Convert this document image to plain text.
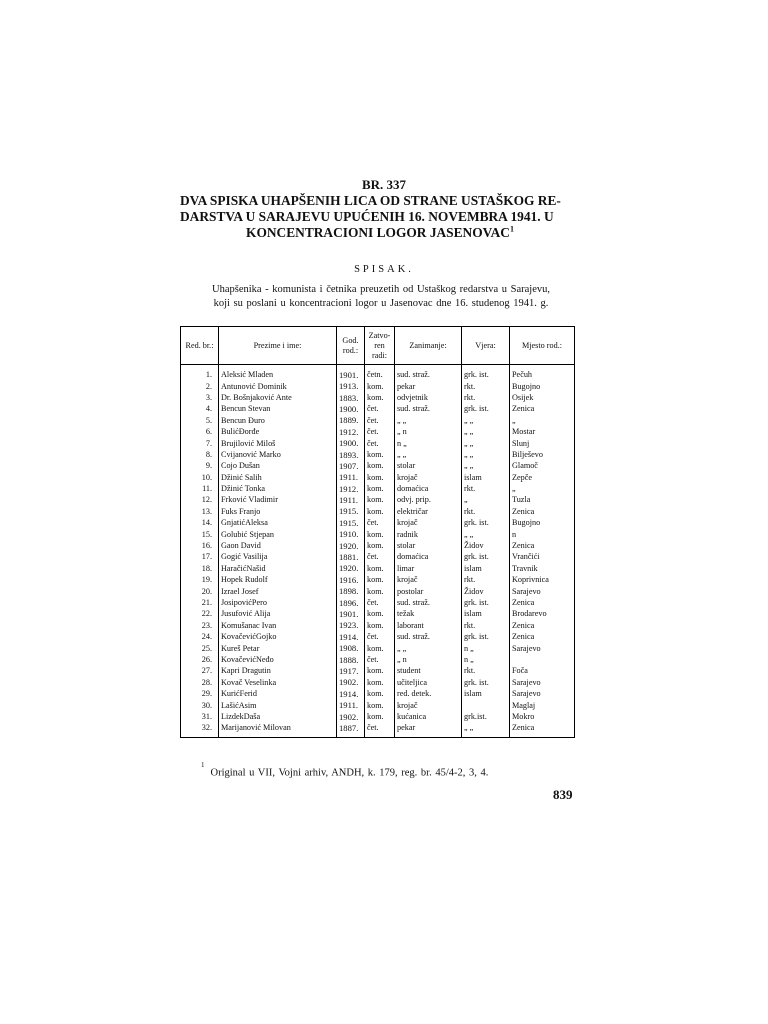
BR. 337
DVA SPISKA UHAPŠENIH LICA OD STRANE USTAŠKOG RE-
DARSTVA U SARAJEVU UPUĆENIH 16. NOVEMBRA 1941. U
KONCENTRACIONI LOGOR JASENOVAC$^1$
SPISAK.
Uhapšenika - komunista i četnika preuzetih od Ustaškog redarstva u Sarajevu,
koji su poslani u koncentracioni logor u Jasenovac dne 16. studenog 1941. g.
Red. br.:	Prezime i ime:	God. rod.:	Zatvo- ren radi:	Zanimanje:	Vjera:	Mjesto rod.:
1.	Aleksić Mladen	1901.	četn.	sud. straž.	grk. ist.	Pečuh
2.	Antunović Dominik	1913.	kom.	pekar	rkt.	Bugojno
3.	Dr. Bošnjaković Ante	1883.	kom.	odvjetnik	rkt.	Osijek
4.	Bencun Stevan	1900.	čet.	sud. straž.	grk. ist.	Zenica
5.	Bencun Đuro	1889.	čet.	„ „	„ „	„
6.	BulićĐorđe	1912.	čet.	„ n	„ „	Mostar
7.	Brujilović Miloš	1900.	čet.	n „	„ „	Slunj
8.	Cvijanović Marko	1893.	kom.	„ „	„ „	Bilješevo
9.	Cojo Dušan	1907.	kom.	stolar	„ „	Glamoč
10.	Džinić Salih	1911.	kom.	krojač	islam	Zepče
11.	Džinić Tonka	1912.	kom.	domaćica	rkt.	„
12.	Frković Vladimir	1911.	kom.	odvj. prip.	„	Tuzla
13.	Fuks Franjo	1915.	kom.	električar	rkt.	Zenica
14.	GnjatićAleksa	1915.	čet.	krojač	grk. ist.	Bugojno
15.	Golubić Stjepan	1910.	kom.	radnik	„ „	n
16.	Gaon David	1920.	kom.	stolar	Židov	Zenica
17.	Gogić Vasilija	1881.	čet.	domaćica	grk. ist.	Vrančići
18.	HaračićNašid	1920.	kom.	limar	islam	Travnik
19.	Hopek Rudolf	1916.	kom.	krojač	rkt.	Koprivnica
20.	Izrael Josef	1898.	kom.	postolar	Židov	Sarajevo
21.	JosipovićPero	1896.	čet.	sud. straž.	grk. ist.	Zenica
22.	Jusufović Alija	1901.	kom.	težak	islam	Brodarevo
23.	Komušanac Ivan	1923.	kom.	laborant	rkt.	Zenica
24.	KovačevićGojko	1914.	čet.	sud. straž.	grk. ist.	Zenica
25.	Kureš Petar	1908.	kom.	„ „	n „	Sarajevo
26.	KovačevićNeđo	1888.	čet.	„ n	n „	
27.	Kapri Dragutin	1917.	kom.	student	rkt.	Foča
28.	Kovač Veselinka	1902.	kom.	učiteljica	grk. ist.	Sarajevo
29.	KurićFerid	1914.	kom.	red. detek.	islam	Sarajevo
30.	LašićAsim	1911.	kom.	krojač		Maglaj
31.	LizdekDaša	1902.	kom.	kućanica	grk.ist.	Mokro
32.	Marijanović Milovan	1887.	čet.	pekar	„ „	Zenica
$^1$Original u VII, Vojni arhiv, ANDH, k. 179, reg. br. 45/4-2, 3, 4.
839
